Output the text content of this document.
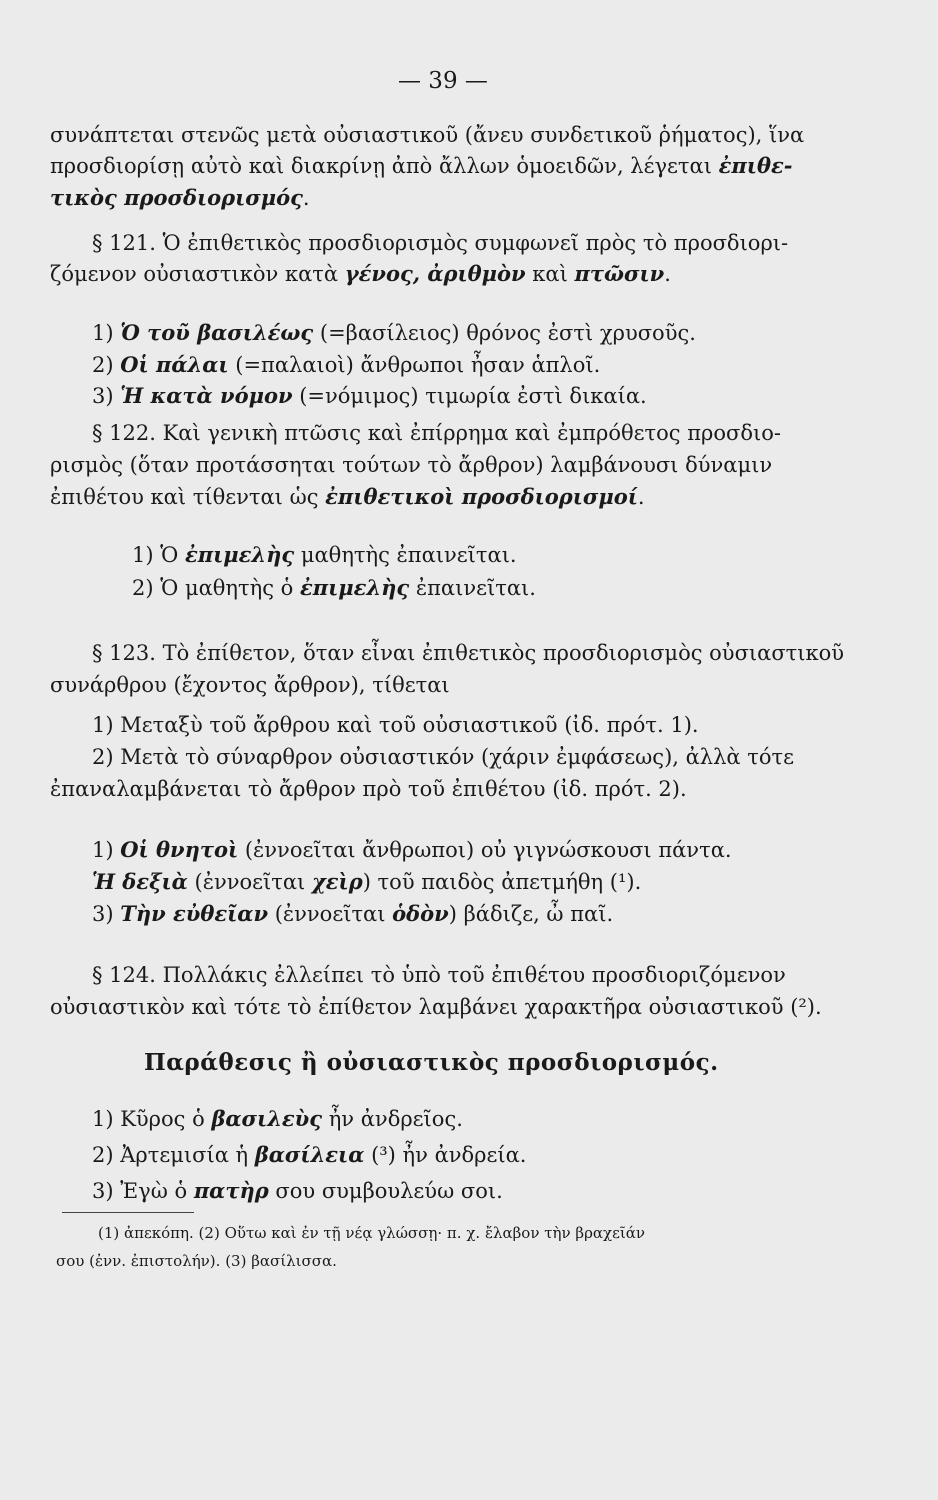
— 39 —
συνάπτεται στενῶς μετὰ οὐσιαστικοῦ (ἄνευ συνδετικοῦ ῥήματος), ἵνα
προσδιορίσῃ αὐτὸ καὶ διακρίνῃ ἀπὸ ἄλλων ὁμοειδῶν, λέγεται ἐπιθε-
τικὸς προσδιορισμός.
§ 121. Ὁ ἐπιθετικὸς προσδιορισμὸς συμφωνεῖ πρὸς τὸ προσδιορι-
ζόμενον οὐσιαστικὸν κατὰ γένος, ἀριθμὸν καὶ πτῶσιν.
1) Ὁ τοῦ βασιλέως (=βασίλειος) θρόνος ἐστὶ χρυσοῦς.
2) Οἱ πάλαι (=παλαιοὶ) ἄνθρωποι ἦσαν ἁπλοῖ.
3) Ἡ κατὰ νόμον (=νόμιμος) τιμωρία ἐστὶ δικαία.
§ 122. Καὶ γενικὴ πτῶσις καὶ ἐπίρρημα καὶ ἐμπρόθετος προσδιο-
ρισμὸς (ὅταν προτάσσηται τούτων τὸ ἄρθρον) λαμβάνουσι δύναμιν
ἐπιθέτου καὶ τίθενται ὡς ἐπιθετικοὶ προσδιορισμοί.
1) Ὁ ἐπιμελὴς μαθητὴς ἐπαινεῖται.
2) Ὁ μαθητὴς ὁ ἐπιμελὴς ἐπαινεῖται.
§ 123. Τὸ ἐπίθετον, ὅταν εἶναι ἐπιθετικὸς προσδιορισμὸς οὐσιαστικοῦ
συνάρθρου (ἔχοντος ἄρθρον), τίθεται
1) Μεταξὺ τοῦ ἄρθρου καὶ τοῦ οὐσιαστικοῦ (ἰδ. πρότ. 1).
2) Μετὰ τὸ σύναρθρον οὐσιαστικόν (χάριν ἐμφάσεως), ἀλλὰ τότε
ἐπαναλαμβάνεται τὸ ἄρθρον πρὸ τοῦ ἐπιθέτου (ἰδ. πρότ. 2).
1) Οἱ θνητοὶ (ἐννοεῖται ἄνθρωποι) οὐ γιγνώσκουσι πάντα.
Ἡ δεξιὰ (ἐννοεῖται χεὶρ) τοῦ παιδὸς ἀπετμήθη (¹).
3) Τὴν εὐθεῖαν (ἐννοεῖται ὁδὸν) βάδιζε, ὦ παῖ.
§ 124. Πολλάκις ἐλλείπει τὸ ὑπὸ τοῦ ἐπιθέτου προσδιοριζόμενον
οὐσιαστικὸν καὶ τότε τὸ ἐπίθετον λαμβάνει χαρακτῆρα οὐσιαστικοῦ (²).
Παράθεσις ἢ οὐσιαστικὸς προσδιορισμός.
1) Κῦρος ὁ βασιλεὺς ἦν ἀνδρεῖος.
2) Ἀρτεμισία ἡ βασίλεια (³) ἦν ἀνδρεία.
3) Ἐγὼ ὁ πατὴρ σου συμβουλεύω σοι.
(1) ἀπεκόπη. (2) Οὕτω καὶ ἐν τῇ νέᾳ γλώσσῃ· π. χ. ἔλαβον τὴν βραχεῖάν
σου (ἐνν. ἐπιστολήν). (3) βασίλισσα.
